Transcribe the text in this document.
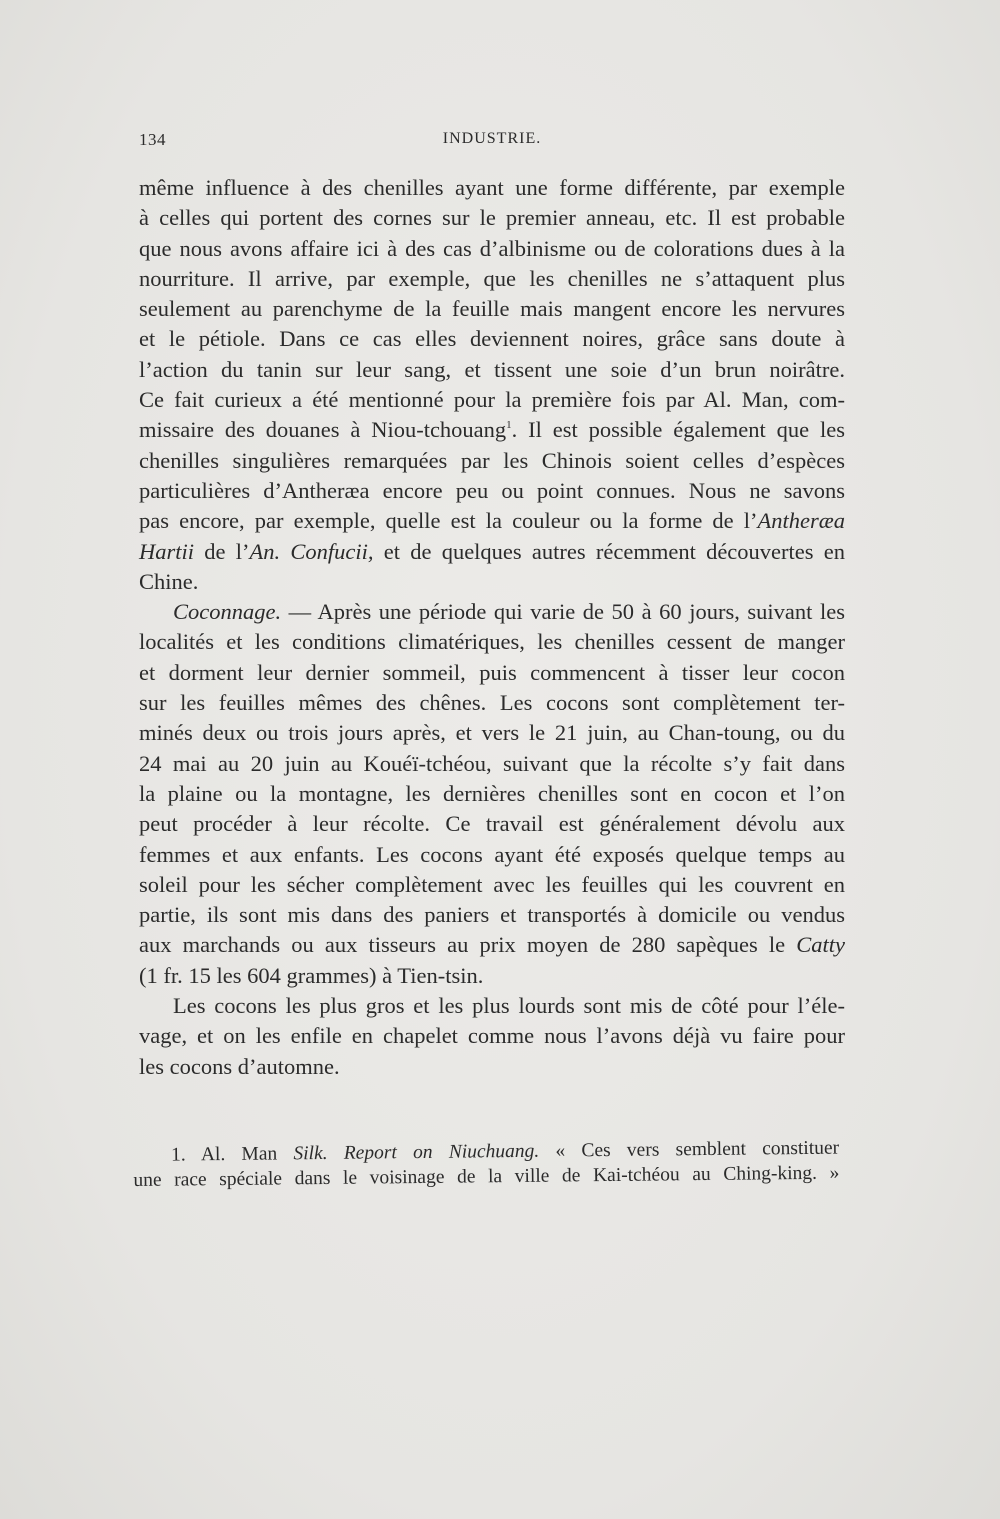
134	INDUSTRIE.
même influence à des chenilles ayant une forme différente, par exemple
à celles qui portent des cornes sur le premier anneau, etc. Il est probable
que nous avons affaire ici à des cas d’albinisme ou de colorations dues à la
nourriture. Il arrive, par exemple, que les chenilles ne s’attaquent plus
seulement au parenchyme de la feuille mais mangent encore les nervures
et le pétiole. Dans ce cas elles deviennent noires, grâce sans doute à
l’action du tanin sur leur sang, et tissent une soie d’un brun noirâtre.
Ce fait curieux a été mentionné pour la première fois par Al. Man, com-
missaire des douanes à Niou-tchouang$^1$. Il est possible également que les
chenilles singulières remarquées par les Chinois soient celles d’espèces
particulières d’Antheræa encore peu ou point connues. Nous ne savons
pas encore, par exemple, quelle est la couleur ou la forme de l’Antheræa
Hartii de l’An. Confucii, et de quelques autres récemment découvertes en
Chine.
Coconnage. — Après une période qui varie de 50 à 60 jours, suivant les
localités et les conditions climatériques, les chenilles cessent de manger
et dorment leur dernier sommeil, puis commencent à tisser leur cocon
sur les feuilles mêmes des chênes. Les cocons sont complètement ter-
minés deux ou trois jours après, et vers le 21 juin, au Chan-toung, ou du
24 mai au 20 juin au Kouéï-tchéou, suivant que la récolte s’y fait dans
la plaine ou la montagne, les dernières chenilles sont en cocon et l’on
peut procéder à leur récolte. Ce travail est généralement dévolu aux
femmes et aux enfants. Les cocons ayant été exposés quelque temps au
soleil pour les sécher complètement avec les feuilles qui les couvrent en
partie, ils sont mis dans des paniers et transportés à domicile ou vendus
aux marchands ou aux tisseurs au prix moyen de 280 sapèques le Catty
(1 fr. 15 les 604 grammes) à Tien-tsin.
Les cocons les plus gros et les plus lourds sont mis de côté pour l’éle-
vage, et on les enfile en chapelet comme nous l’avons déjà vu faire pour
les cocons d’automne.
1. Al. Man Silk. Report on Niuchuang. « Ces vers semblent constituer
une race spéciale dans le voisinage de la ville de Kai-tchéou au Ching-king. »
